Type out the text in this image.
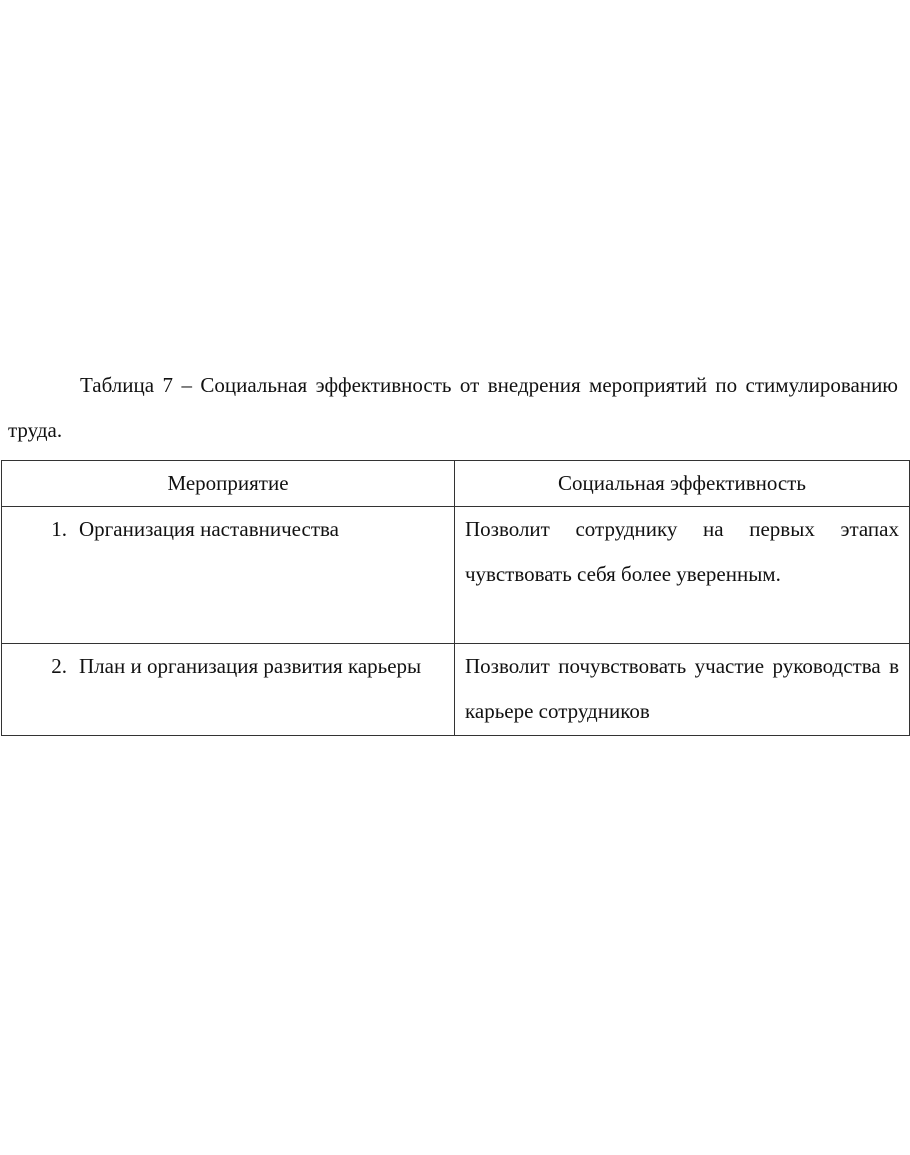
Таблица 7 – Социальная эффективность от внедрения мероприятий по стимулированию труда.

Мероприятие	Социальная эффективность

1. Организация наставничества	Позволит сотруднику на первых этапах чувствовать себя более уверенным.

2. План и организация развития карьеры	Позволит почувствовать участие руководства в карьере сотрудников
